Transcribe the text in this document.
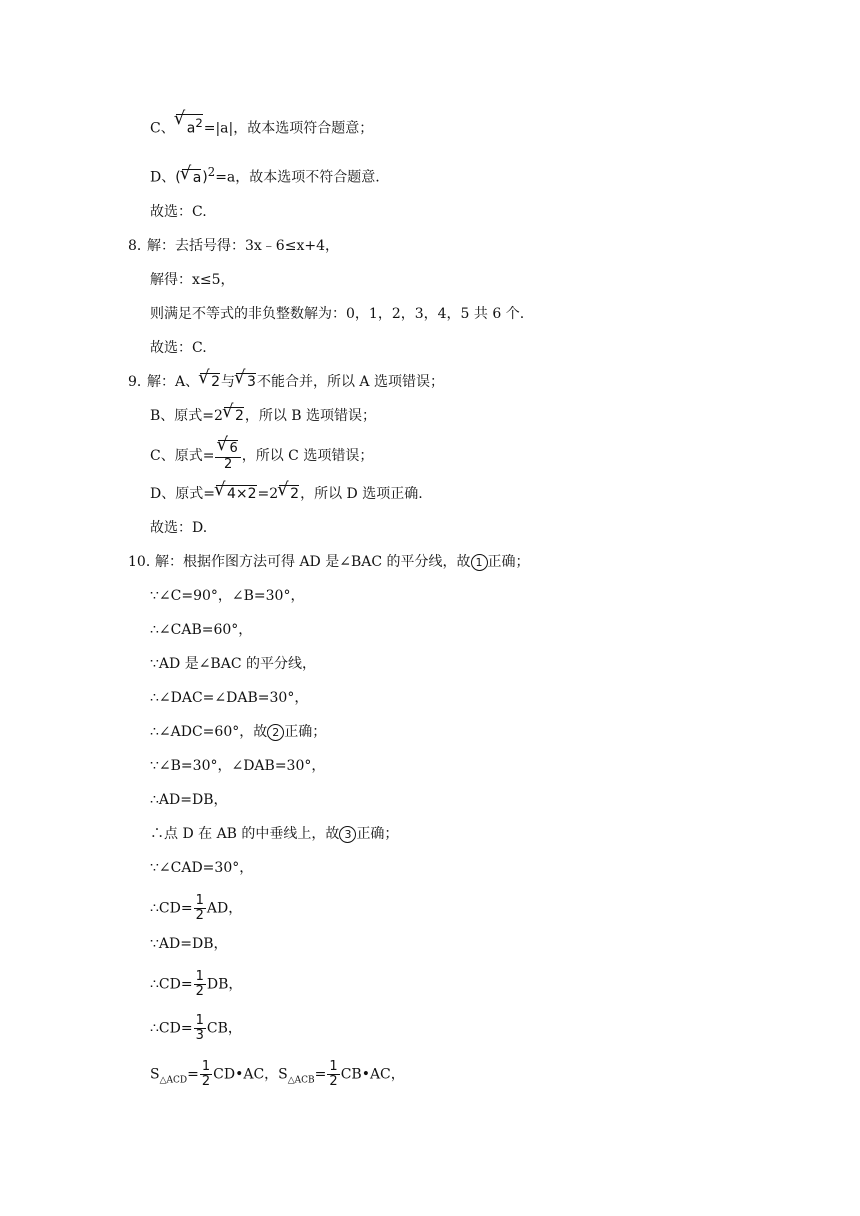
C、 √ $a^2=|a|$，故本选项符合题意；
D、( √ a)$^2$=a，故本选项不符合题意.
故选：C.
8．
解：去括号得：3x﹣6≤x+4，
解得：x≤5，
则满足不等式的非负整数解为：0，1，2，3，4，5 共 6 个.
故选：C.
9．
解：A、 √ 2与 √ 3不能合并，所以 A 选项错误；
B、原式=2 √ 2，所以 B 选项错误；
C、原式= √ $\frac{6}{2}$ ，所以 C 选项错误；
D、原式= √ 4×2=2 √ 2，所以 D 选项正确.
故选：D.
10．
解：根据作图方法可得 AD 是∠BAC 的平分线，故 1 正确；
∵∠C=90°，∠B=30°，
∴∠CAB=60°，
∵AD 是∠BAC 的平分线，
∴∠DAC=∠DAB=30°，
∴∠ADC=60°，故 2 正确；
∵∠B=30°，∠DAB=30°，
∴AD=DB，
∴点 D 在 AB 的中垂线上，故 3 正确；
∵∠CAD=30°，
∴CD= $\frac{1}{2}$ AD，
∵AD=DB，
∴CD= $\frac{1}{2}$ DB，
∴CD= $\frac{1}{3}$ CB，
$S_{\triangle ACD}= \frac{1}{2}$ CD•AC，$S_{\triangle ACB}= \frac{1}{2}$ CB•AC，
